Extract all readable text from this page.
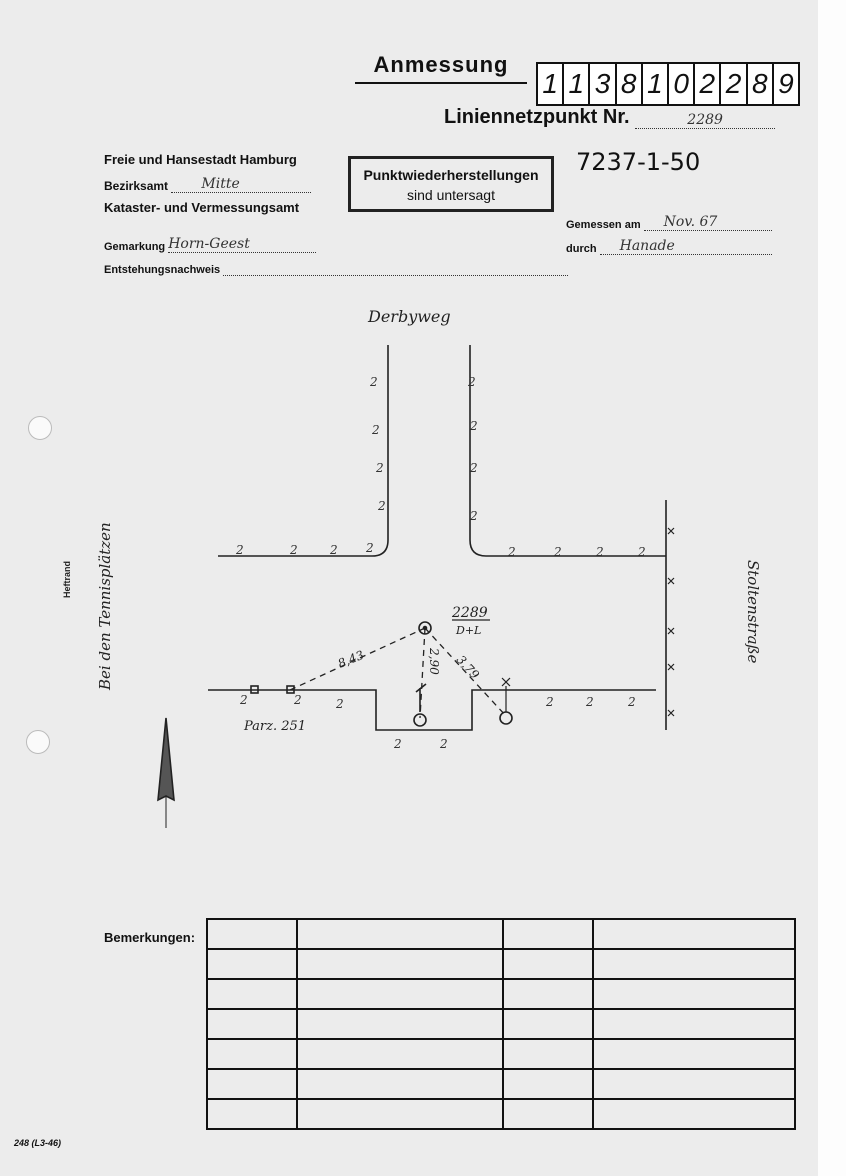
Anmessung
1 1 3 8 1 0 2 2 8 9
Liniennetzpunkt Nr.	2289
Freie und Hansestadt Hamburg
Bezirksamt Mitte
Kataster- und Vermessungsamt
Gemarkung Horn-Geest
Entstehungsnachweis
Punktwiederherstellungen
sind untersagt
7237-1-50
Gemessen am Nov. 67
durch Hanade
Derbyweg
Stoltenstraße
Bei den Tennisplätzen	2289
D+L
8,43	2,90 3,79
Parz. 251
Heftrand
2
2
2
2
2
2
2
2
2	2	2 2	2	2	2	2
2	2	2	2	2	2
2	2
Bemerkungen:

248 (L3-46)
